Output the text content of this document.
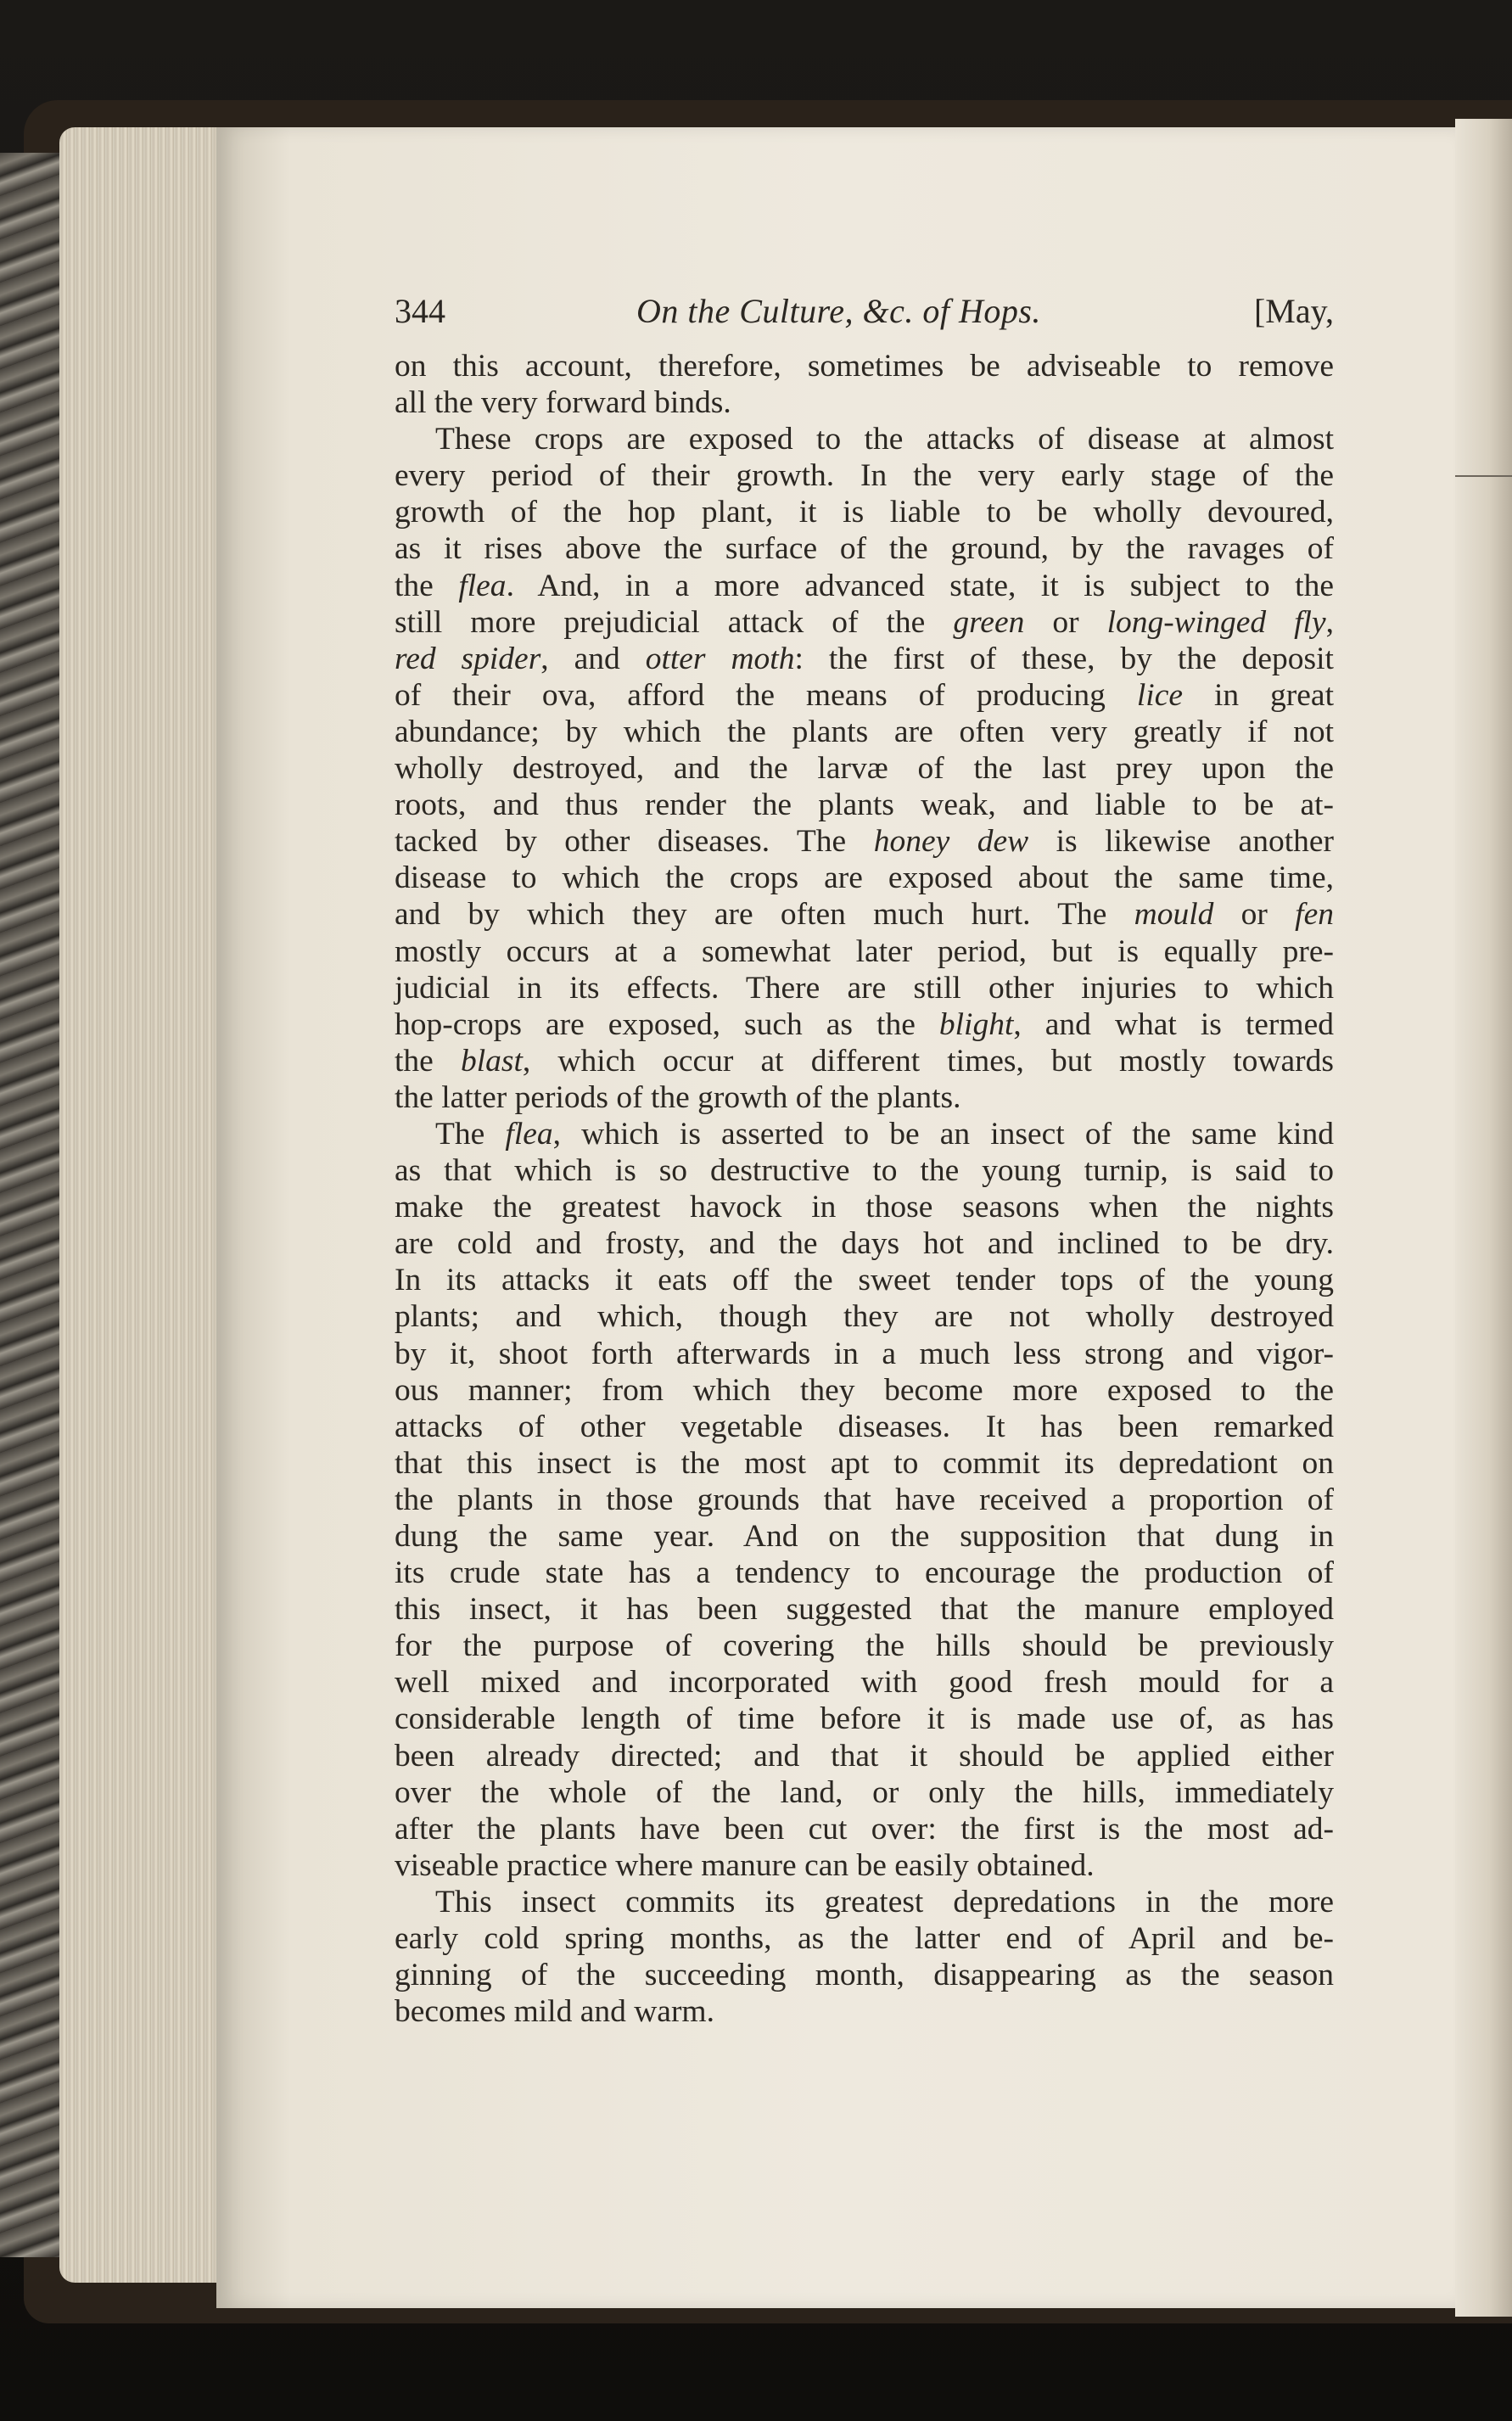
344	On the Culture, &c. of Hops.	[May,
on this account, therefore, sometimes be adviseable to remove
all the very forward binds.
These crops are exposed to the attacks of disease at almost
every period of their growth. In the very early stage of the
growth of the hop plant, it is liable to be wholly devoured,
as it rises above the surface of the ground, by the ravages of
the flea. And, in a more advanced state, it is subject to the
still more prejudicial attack of the green or long-winged fly,
red spider, and otter moth: the first of these, by the deposit
of their ova, afford the means of producing lice in great
abundance; by which the plants are often very greatly if not
wholly destroyed, and the larvæ of the last prey upon the
roots, and thus render the plants weak, and liable to be at-
tacked by other diseases. The honey dew is likewise another
disease to which the crops are exposed about the same time,
and by which they are often much hurt. The mould or fen
mostly occurs at a somewhat later period, but is equally pre-
judicial in its effects. There are still other injuries to which
hop-crops are exposed, such as the blight, and what is termed
the blast, which occur at different times, but mostly towards
the latter periods of the growth of the plants.
The flea, which is asserted to be an insect of the same kind
as that which is so destructive to the young turnip, is said to
make the greatest havock in those seasons when the nights
are cold and frosty, and the days hot and inclined to be dry.
In its attacks it eats off the sweet tender tops of the young
plants; and which, though they are not wholly destroyed
by it, shoot forth afterwards in a much less strong and vigor-
ous manner; from which they become more exposed to the
attacks of other vegetable diseases. It has been remarked
that this insect is the most apt to commit its depredationt on
the plants in those grounds that have received a proportion of
dung the same year. And on the supposition that dung in
its crude state has a tendency to encourage the production of
this insect, it has been suggested that the manure employed
for the purpose of covering the hills should be previously
well mixed and incorporated with good fresh mould for a
considerable length of time before it is made use of, as has
been already directed; and that it should be applied either
over the whole of the land, or only the hills, immediately
after the plants have been cut over: the first is the most ad-
viseable practice where manure can be easily obtained.
This insect commits its greatest depredations in the more
early cold spring months, as the latter end of April and be-
ginning of the succeeding month, disappearing as the season
becomes mild and warm.
